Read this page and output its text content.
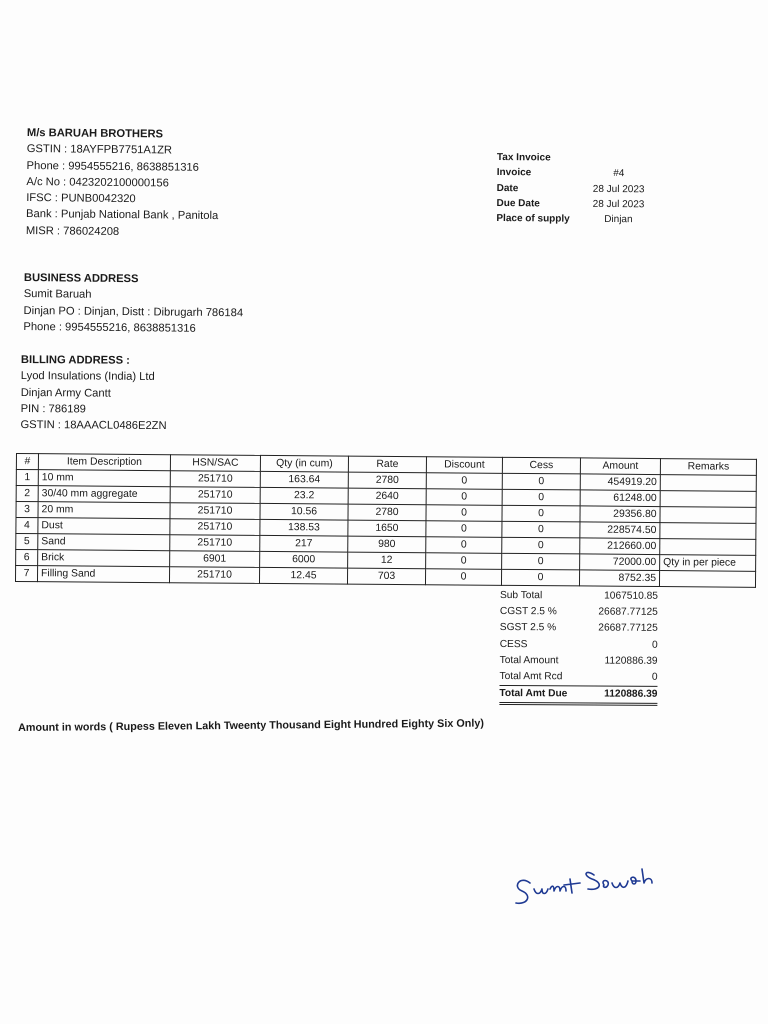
M/s BARUAH BROTHERS
GSTIN : 18AYFPB7751A1ZR
Phone : 9954555216, 8638851316
A/c No : 0423202100000156
IFSC : PUNB0042320
Bank : Punjab National Bank , Panitola
MISR : 786024208
Tax Invoice
Invoice	#4
Date	28 Jul 2023
Due Date	28 Jul 2023
Place of supply	Dinjan
BUSINESS ADDRESS
Sumit Baruah
Dinjan PO : Dinjan, Distt : Dibrugarh 786184
Phone : 9954555216, 8638851316
BILLING ADDRESS :
Lyod Insulations (India) Ltd
Dinjan Army Cantt
PIN : 786189
GSTIN : 18AAACL0486E2ZN
#	Item Description	HSN/SAC	Qty (in cum)	Rate	Discount	Cess	Amount	Remarks
1	10 mm	251710	163.64	2780	0	0	454919.20	
2	30/40 mm aggregate	251710	23.2	2640	0	0	61248.00	
3	20 mm	251710	10.56	2780	0	0	29356.80	
4	Dust	251710	138.53	1650	0	0	228574.50	
5	Sand	251710	217	980	0	0	212660.00	
6	Brick	6901	6000	12	0	0	72000.00	Qty in per piece
7	Filling Sand	251710	12.45	703	0	0	8752.35	
Sub Total	1067510.85
CGST 2.5 %	26687.77125
SGST 2.5 %	26687.77125
CESS	0
Total Amount	1120886.39
Total Amt Rcd	0
Total Amt Due	1120886.39
Amount in words ( Rupess Eleven Lakh Tweenty Thousand Eight Hundred Eighty Six Only)
